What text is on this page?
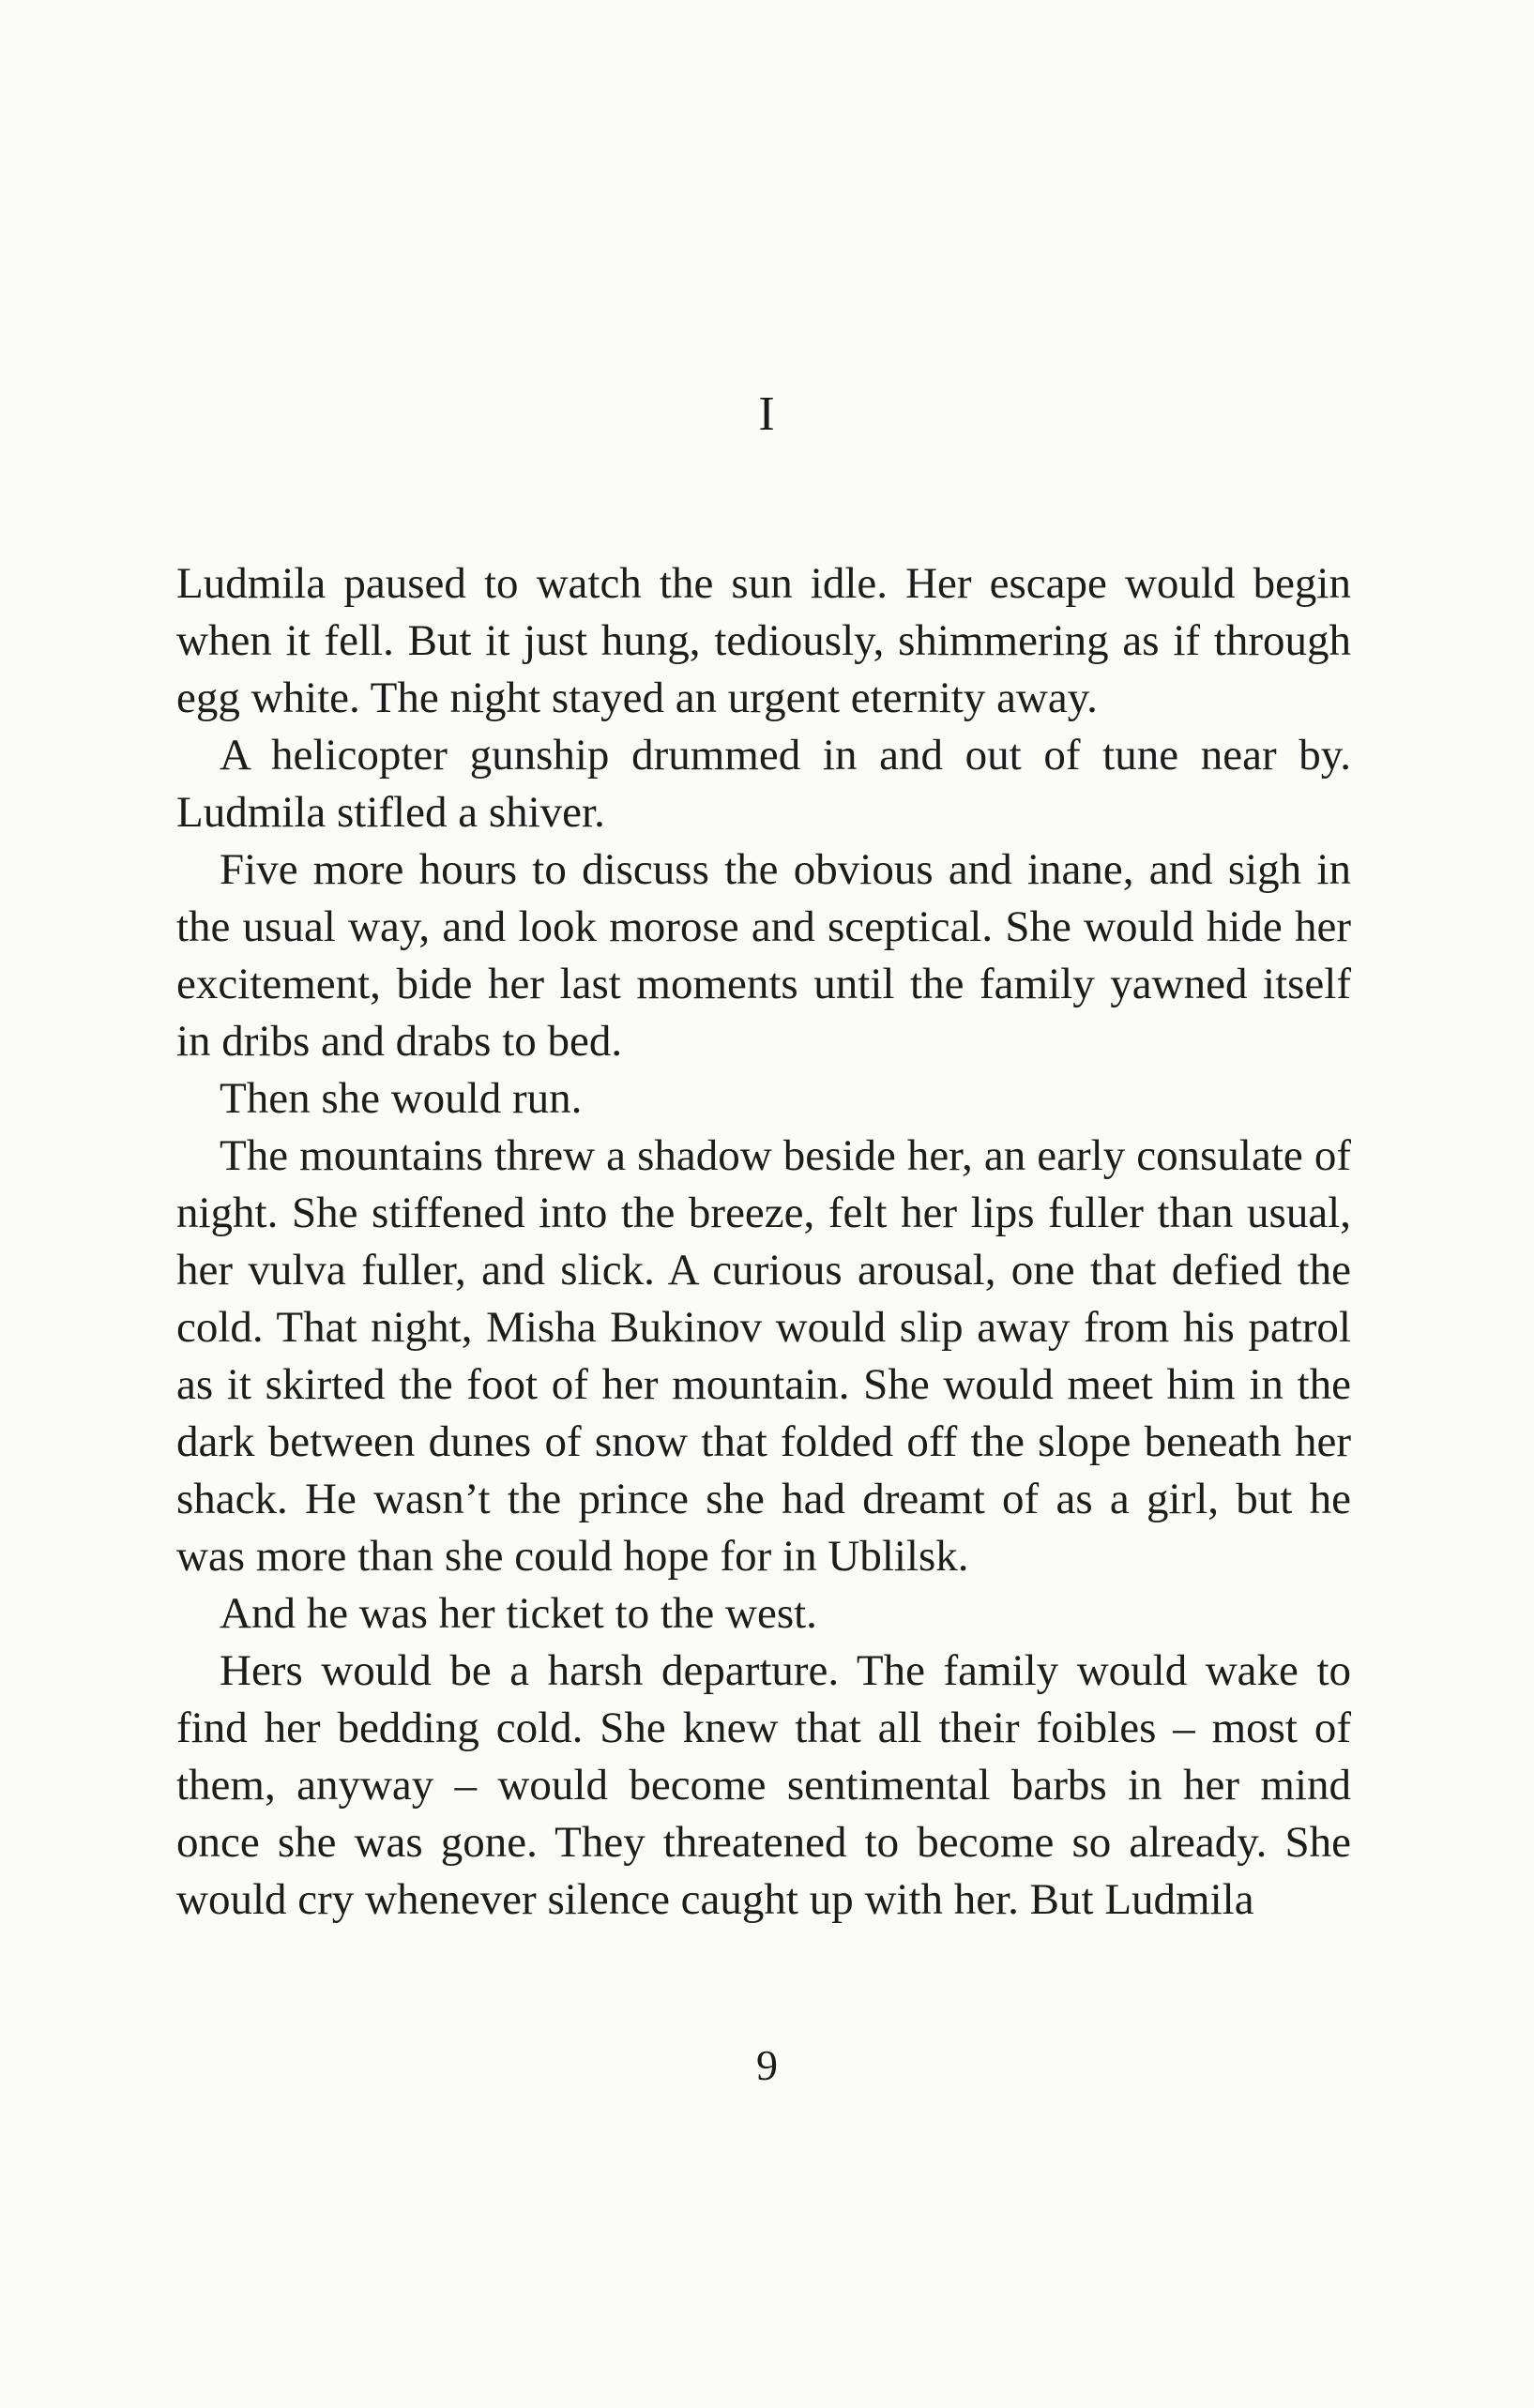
I

Ludmila paused to watch the sun idle. Her escape would begin when it fell. But it just hung, tediously, shimmering as if through egg white. The night stayed an urgent eternity away.

A helicopter gunship drummed in and out of tune near by. Ludmila stifled a shiver.

Five more hours to discuss the obvious and inane, and sigh in the usual way, and look morose and sceptical. She would hide her excitement, bide her last moments until the family yawned itself in dribs and drabs to bed.

Then she would run.

The mountains threw a shadow beside her, an early consulate of night. She stiffened into the breeze, felt her lips fuller than usual, her vulva fuller, and slick. A curious arousal, one that defied the cold. That night, Misha Bukinov would slip away from his patrol as it skirted the foot of her mountain. She would meet him in the dark between dunes of snow that folded off the slope beneath her shack. He wasn’t the prince she had dreamt of as a girl, but he was more than she could hope for in Ublilsk.

And he was her ticket to the west.

Hers would be a harsh departure. The family would wake to find her bedding cold. She knew that all their foibles – most of them, anyway – would become sentimental barbs in her mind once she was gone. They threatened to become so already. She would cry whenever silence caught up with her. But Ludmila

9
